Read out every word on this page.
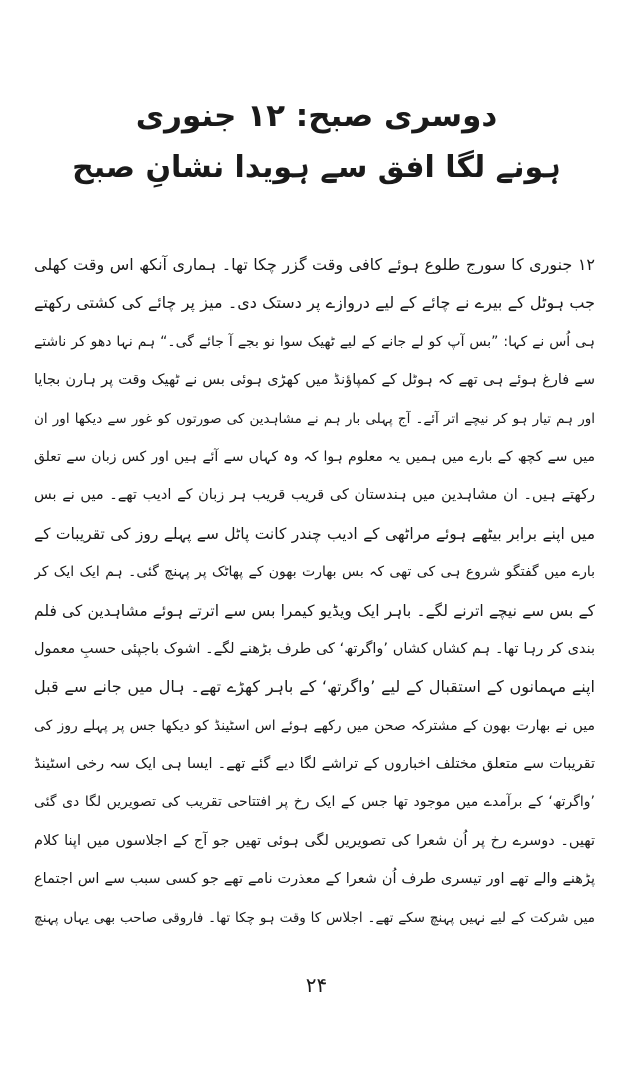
دوسری صبح: ۱۲ جنوری
ہونے لگا افق سے ہویدا نشانِ صبح
۱۲ جنوری کا سورج طلوع ہوئے کافی وقت گزر چکا تھا۔ ہماری آنکھ اس وقت کھلی
جب ہوٹل کے بیرے نے چائے کے لیے دروازے پر دستک دی۔ میز پر چائے کی کشتی رکھتے
ہی اُس نے کہا: ”بس آپ کو لے جانے کے لیے ٹھیک سوا نو بجے آ جائے گی۔“ ہم نہا دھو کر ناشتے
سے فارغ ہوئے ہی تھے کہ ہوٹل کے کمپاؤنڈ میں کھڑی ہوئی بس نے ٹھیک وقت پر ہارن بجایا
اور ہم تیار ہو کر نیچے اتر آئے۔ آج پہلی بار ہم نے مشاہدین کی صورتوں کو غور سے دیکھا اور ان
میں سے کچھ کے بارے میں ہمیں یہ معلوم ہوا کہ وہ کہاں سے آئے ہیں اور کس زبان سے تعلق
رکھتے ہیں۔ ان مشاہدین میں ہندستان کی قریب قریب ہر زبان کے ادیب تھے۔ میں نے بس
میں اپنے برابر بیٹھے ہوئے مراٹھی کے ادیب چندر کانت پاٹل سے پہلے روز کی تقریبات کے
بارے میں گفتگو شروع ہی کی تھی کہ بس بھارت بھون کے پھاٹک پر پہنچ گئی۔ ہم ایک ایک کر
کے بس سے نیچے اترنے لگے۔ باہر ایک ویڈیو کیمرا بس سے اترتے ہوئے مشاہدین کی فلم
بندی کر رہا تھا۔ ہم کشاں کشاں ’واگرتھ‘ کی طرف بڑھنے لگے۔ اشوک باجپئی حسبِ معمول
اپنے مہمانوں کے استقبال کے لیے ’واگرتھ‘ کے باہر کھڑے تھے۔ ہال میں جانے سے قبل
میں نے بھارت بھون کے مشترکہ صحن میں رکھے ہوئے اس اسٹینڈ کو دیکھا جس پر پہلے روز کی
تقریبات سے متعلق مختلف اخباروں کے تراشے لگا دیے گئے تھے۔ ایسا ہی ایک سہ رخی اسٹینڈ
’واگرتھ‘ کے برآمدے میں موجود تھا جس کے ایک رخ پر افتتاحی تقریب کی تصویریں لگا دی گئی
تھیں۔ دوسرے رخ پر اُن شعرا کی تصویریں لگی ہوئی تھیں جو آج کے اجلاسوں میں اپنا کلام
پڑھنے والے تھے اور تیسری طرف اُن شعرا کے معذرت نامے تھے جو کسی سبب سے اس اجتماع
میں شرکت کے لیے نہیں پہنچ سکے تھے۔ اجلاس کا وقت ہو چکا تھا۔ فاروقی صاحب بھی یہاں پہنچ
۲۴
